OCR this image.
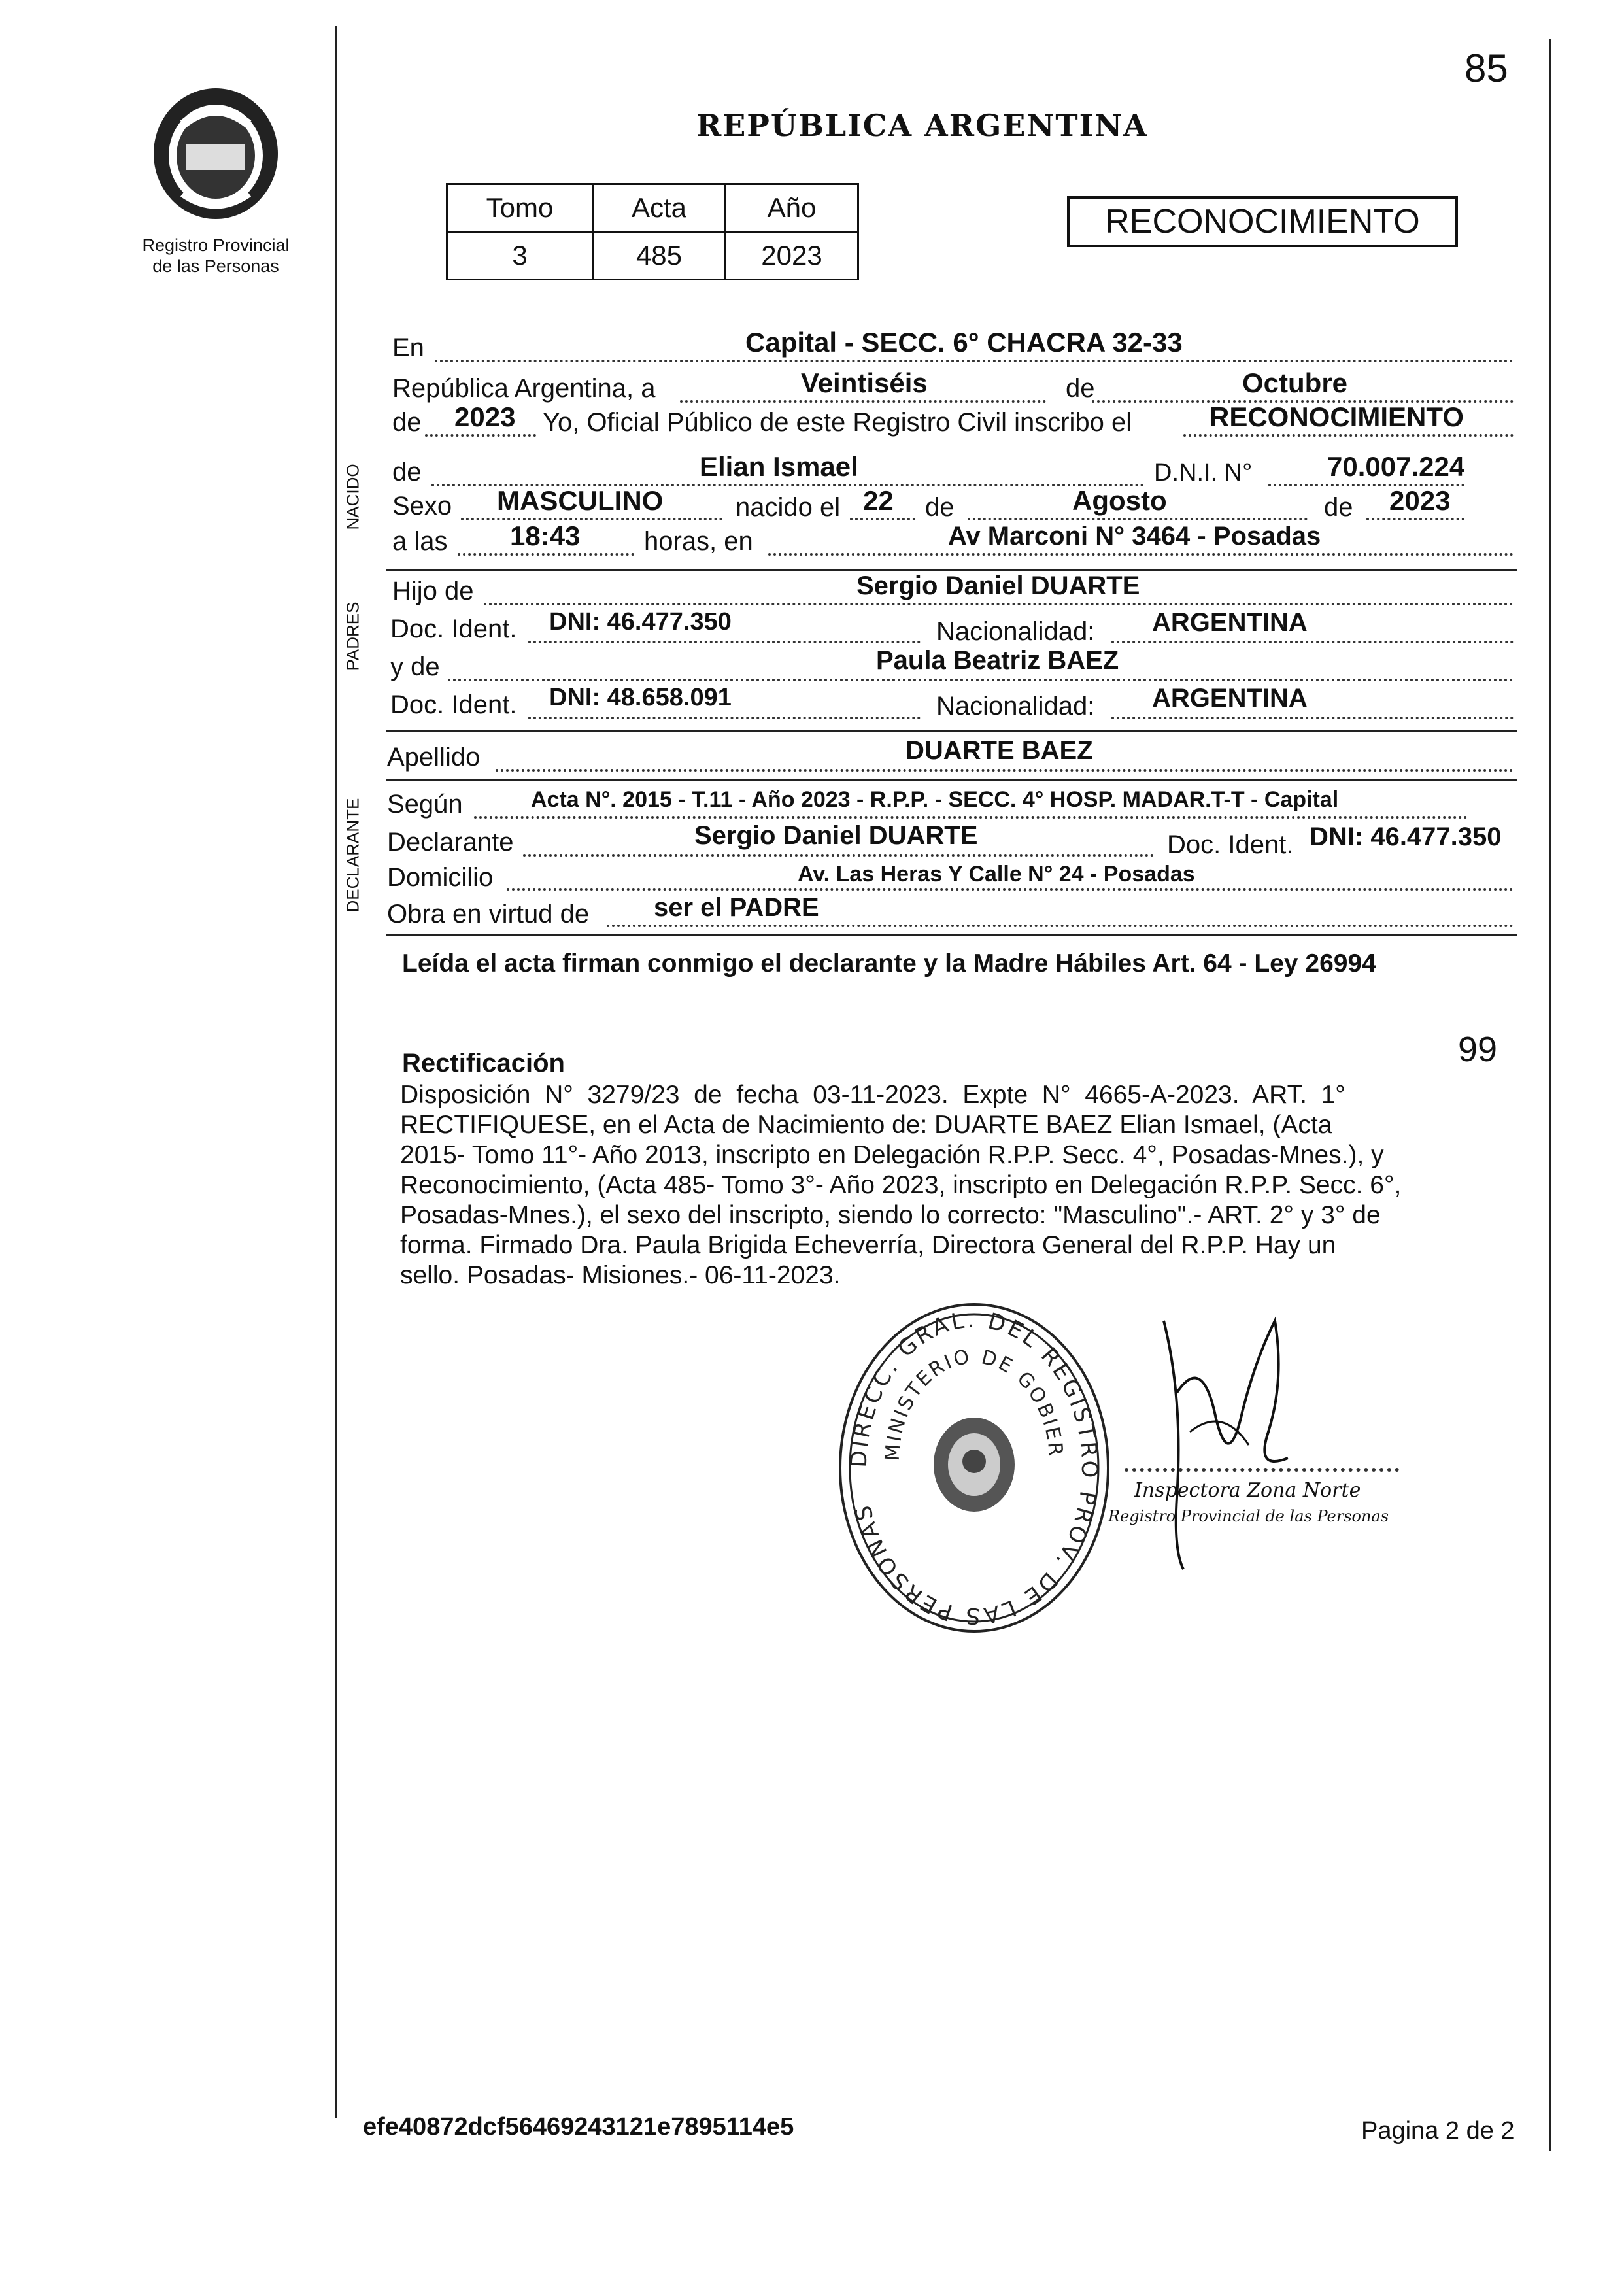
85
Registro Provincial
de las Personas
REPÚBLICA ARGENTINA
Tomo	Acta	Año
3	485	2023
RECONOCIMIENTO
NACIDO
PADRES
DECLARANTE
En	Capital - SECC. 6° CHACRA 32-33
República Argentina, a	Veintiséis	de	Octubre
de 2023 Yo, Oficial Público de este Registro Civil inscribo el	RECONOCIMIENTO
de	Elian Ismael	D.N.I. N°	70.007.224
Sexo MASCULINO	nacido el 22 de	Agosto	de 2023
a las 18:43 horas, en	Av Marconi N° 3464 - Posadas
Hijo de	Sergio Daniel DUARTE
Doc. Ident. DNI: 46.477.350	Nacionalidad: ARGENTINA
y de	Paula Beatriz BAEZ
Doc. Ident. DNI: 48.658.091	Nacionalidad: ARGENTINA
Apellido	DUARTE BAEZ
Según	Acta N°. 2015 - T.11 - Año 2023 - R.P.P. - SECC. 4° HOSP. MADAR.T-T - Capital
Declarante	Sergio Daniel DUARTE	Doc. Ident. DNI: 46.477.350
Domicilio	Av. Las Heras Y Calle N° 24 - Posadas
Obra en virtud de ser el PADRE
Leída el acta firman conmigo el declarante y la Madre Hábiles Art. 64 - Ley 26994
Rectificación	99
Disposición  N°  3279/23  de  fecha  03-11-2023.  Expte  N°  4665-A-2023.  ART.  1°
RECTIFIQUESE, en el Acta de Nacimiento de: DUARTE BAEZ Elian Ismael, (Acta
2015- Tomo 11°- Año 2013, inscripto en Delegación R.P.P. Secc. 4°, Posadas-Mnes.), y
Reconocimiento, (Acta 485- Tomo 3°- Año 2023, inscripto en Delegación R.P.P. Secc. 6°,
Posadas-Mnes.), el sexo del inscripto, siendo lo correcto: "Masculino".- ART. 2° y 3° de
forma. Firmado Dra. Paula Brigida Echeverría, Directora General del R.P.P. Hay un
sello. Posadas- Misiones.- 06-11-2023.
DIRECC. GRAL. DEL REGISTRO PROV. DE LAS PERSONAS
MINISTERIO DE GOBIER
Inspectora Zona Norte
Registro Provincial de las Personas
efe40872dcf56469243121e7895114e5	Pagina 2 de 2
